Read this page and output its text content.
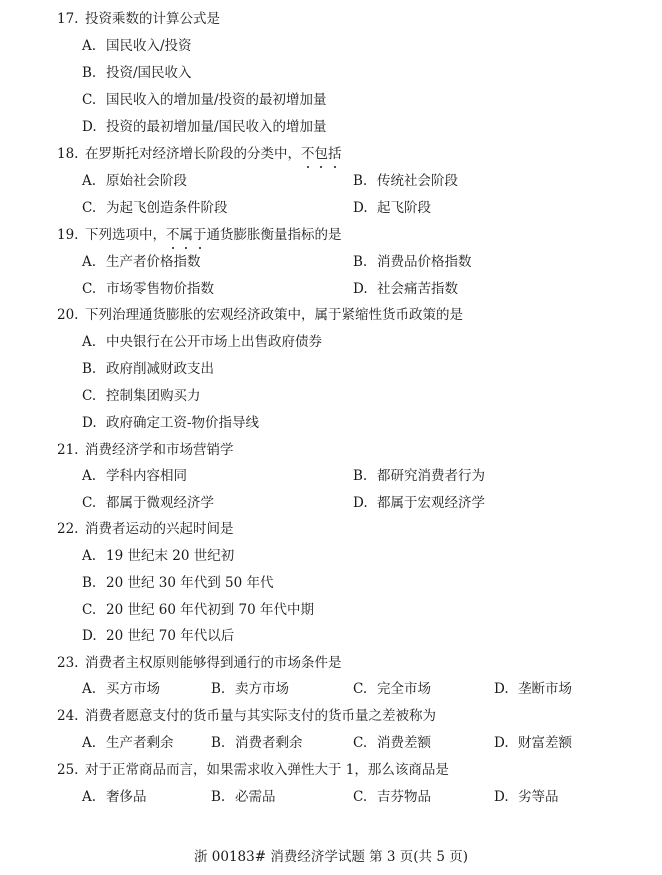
17. 投资乘数的计算公式是
A. 国民收入/投资
B. 投资/国民收入
C. 国民收入的增加量/投资的最初增加量
D. 投资的最初增加量/国民收入的增加量
18. 在罗斯托对经济增长阶段的分类中，不包括
A. 原始社会阶段	B. 传统社会阶段
C. 为起飞创造条件阶段	D. 起飞阶段
19. 下列选项中，不属于通货膨胀衡量指标的是
A. 生产者价格指数	B. 消费品价格指数
C. 市场零售物价指数	D. 社会痛苦指数
20. 下列治理通货膨胀的宏观经济政策中，属于紧缩性货币政策的是
A. 中央银行在公开市场上出售政府债券
B. 政府削减财政支出
C. 控制集团购买力
D. 政府确定工资-物价指导线
21. 消费经济学和市场营销学
A. 学科内容相同	B. 都研究消费者行为
C. 都属于微观经济学	D. 都属于宏观经济学
22. 消费者运动的兴起时间是
A. 19 世纪末 20 世纪初
B. 20 世纪 30 年代到 50 年代
C. 20 世纪 60 年代初到 70 年代中期
D. 20 世纪 70 年代以后
23. 消费者主权原则能够得到通行的市场条件是
A. 买方市场	B. 卖方市场	C. 完全市场	D. 垄断市场
24. 消费者愿意支付的货币量与其实际支付的货币量之差被称为
A. 生产者剩余	B. 消费者剩余	C. 消费差额	D. 财富差额
25. 对于正常商品而言，如果需求收入弹性大于 1，那么该商品是
A. 奢侈品	B. 必需品	C. 吉芬物品	D. 劣等品
浙 00183# 消费经济学试题 第 3 页(共 5 页)
